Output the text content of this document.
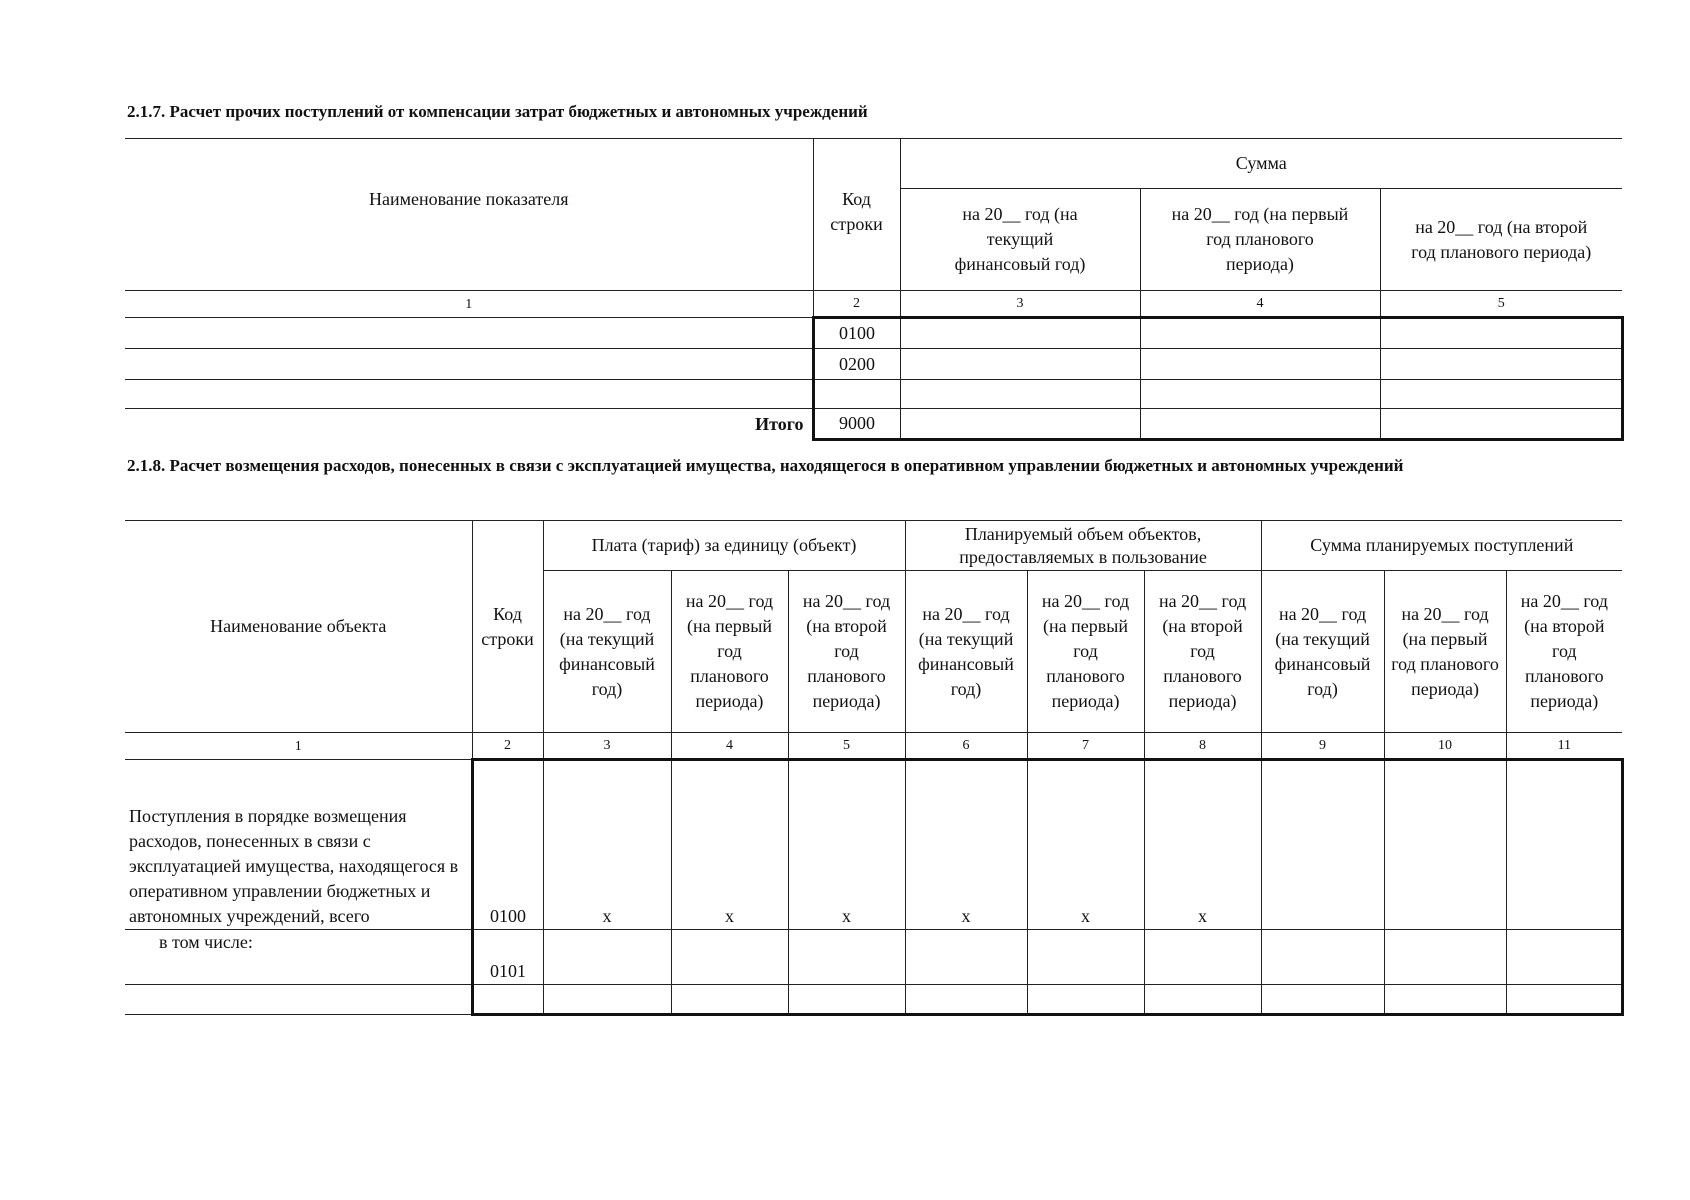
2.1.7. Расчет прочих поступлений от компенсации затрат бюджетных и автономных учреждений
Наименование показателя	Код строки	Сумма		
		на 20__ год (на текущий финансовый год)	на 20__ год (на первый год планового периода)	на 20__ год (на второй год планового периода)
1	2	3	4	5
	0100			
	0200			

Итого	9000			
2.1.8. Расчет возмещения расходов, понесенных в связи с эксплуатацией имущества, находящегося в оперативном управлении бюджетных и автономных учреждений
Наименование объекта	Код строки	Плата (тариф) за единицу (объект)			Планируемый объем объектов, предоставляемых в пользование			Сумма планируемых поступлений		
		на 20__ год (на текущий финансовый год)	на 20__ год (на первый год планового периода)	на 20__ год (на второй год планового периода)	на 20__ год (на текущий финансовый год)	на 20__ год (на первый год планового периода)	на 20__ год (на второй год планового периода)	на 20__ год (на текущий финансовый год)	на 20__ год (на первый год планового периода)	на 20__ год (на второй год планового периода)
1	2	3	4	5	6	7	8	9	10	11
Поступления в порядке возмещения расходов, понесенных в связи с эксплуатацией имущества, находящегося в оперативном управлении бюджетных и автономных учреждений, всего	0100	x	x	x	x	x	x			
в том числе:	0101									
